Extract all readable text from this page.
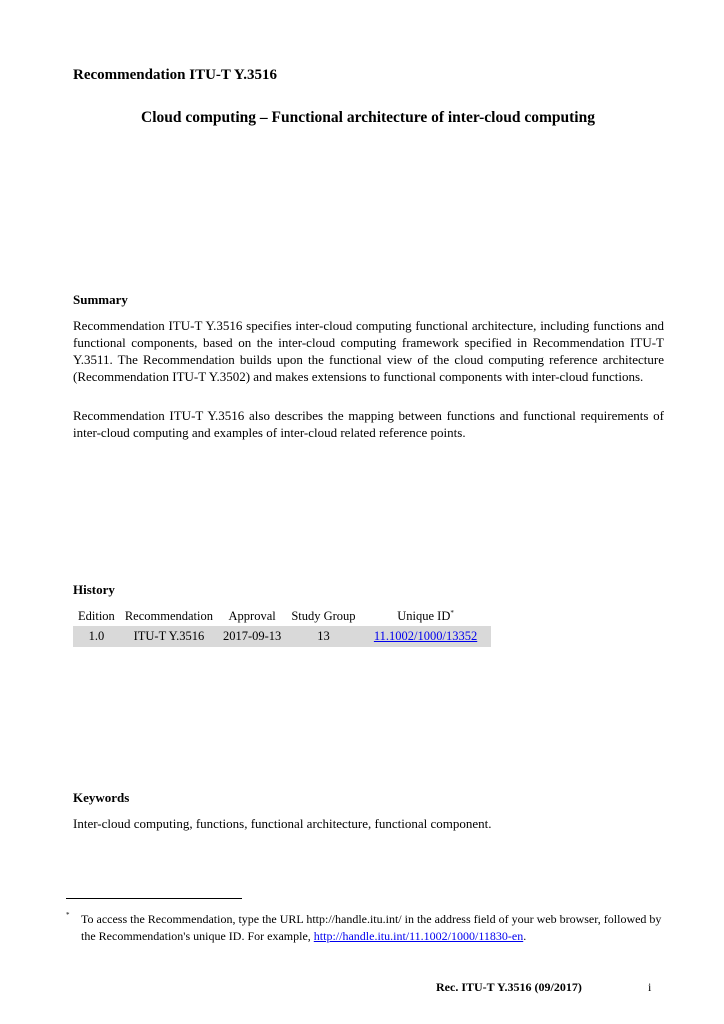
Recommendation ITU-T Y.3516
Cloud computing – Functional architecture of inter-cloud computing
Summary

Recommendation ITU-T Y.3516 specifies inter-cloud computing functional architecture, including functions and functional components, based on the inter-cloud computing framework specified in Recommendation ITU-T Y.3511. The Recommendation builds upon the functional view of the cloud computing reference architecture (Recommendation ITU-T Y.3502) and makes extensions to functional components with inter-cloud functions.

Recommendation ITU-T Y.3516 also describes the mapping between functions and functional requirements of inter-cloud computing and examples of inter-cloud related reference points.

History
Edition	Recommendation	Approval	Study Group	Unique ID*
1.0	ITU-T Y.3516	2017-09-13	13	11.1002/1000/13352
Keywords
Inter-cloud computing, functions, functional architecture, functional component.
* To access the Recommendation, type the URL http://handle.itu.int/ in the address field of your web browser, followed by the Recommendation's unique ID. For example, http://handle.itu.int/11.1002/1000/11830-en.
Rec. ITU-T Y.3516 (09/2017)	i
